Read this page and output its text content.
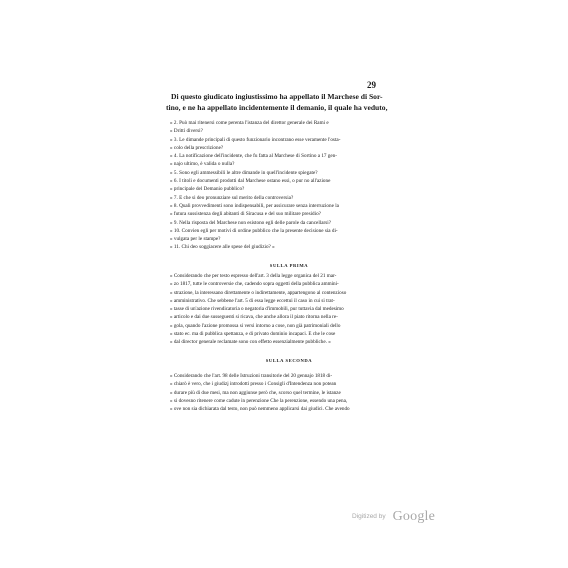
29
Di questo giudicato ingiustissimo ha appellato il Marchese di Sor-
tino, e ne ha appellato incidentemente il demanio, il quale ha veduto,
» 2. Può mai ritenersi come perenta l'istanza del direttor generale dei Rami e
» Dritti diversi?
» 3. Le dimande principali di questo funzionario incontrano esse veramente l'osta-
» colo della prescrizione?
» 4. La notificazione dell'incidente, che fu fatta al Marchese di Sortino a 17 gen-
» najo ultimo, è valida o nulla?
» 5. Sono egli ammessibili le altre dimande in quell'incidente spiegate?
» 6. I titoli e documenti prodotti dal Marchese ostano essi, o pur no all'azione
» principale del Demanio pubblico?
» 7. E che si deo pronunziare sul merito della controversia?
» 8. Quali provvedimenti sono indispensabili, per assicurare senza interruzione la
» futura sussistenza degli abitanti di Siracusa e del suo militare presidio?
» 9. Nella risposta del Marchese non esistono egli delle parole da cancellarsi?
» 10. Convien egli per motivi di ordine pubblico che la presente decisione sia di-
» vulgata per le stampe?
» 11. Chi deo soggiacere alle spese del giudizio? »
SULLA PRIMA
» Considerando che per testo espresso dell'art. 3 della legge organica del 21 mar-
» zo 1817, tutte le controversie che, cadendo sopra oggetti della pubblica ammini-
» strazione, la interessano direttamente o indirettamente, appartengono al contenzioso
» amministrativo. Che sebbene l'art. 5 di essa legge eccettui il caso in cui si trat-
» tasse di un'azione rivendicatoria o negatoria d'immobili, pur tuttavia dal medesimo
» articolo e dai due susseguenti si ricava, che anche allora il piato ritorna nella re-
» gola, quando l'azione promossa si versi intorno a cose, non già patrimoniali dello
» stato ec. ma di pubblica spettanza, e di privato dominio incapaci. E che le cose
» dal director generale reclamate sono con effetto essenzialmente pubbliche. »
SULLA SECONDA
» Considerando che l'art. 98 delle Istruzioni transitorie del 20 gennajo 1818 di-
» chiarò è vero, che i giudizj introdotti presso i Consigli d'Intendenza non potean
» durare più di due mesi, ma non aggiunse però che, scorso quel termine, le istanze
» si dovesno ritenere come cadute in perenzione Che la perenzione, essendo una pena,
» ove non sia dichiarata dal testo, non può nemmeno applicarsi dai giudici. Che avendo
Digitized by Google
